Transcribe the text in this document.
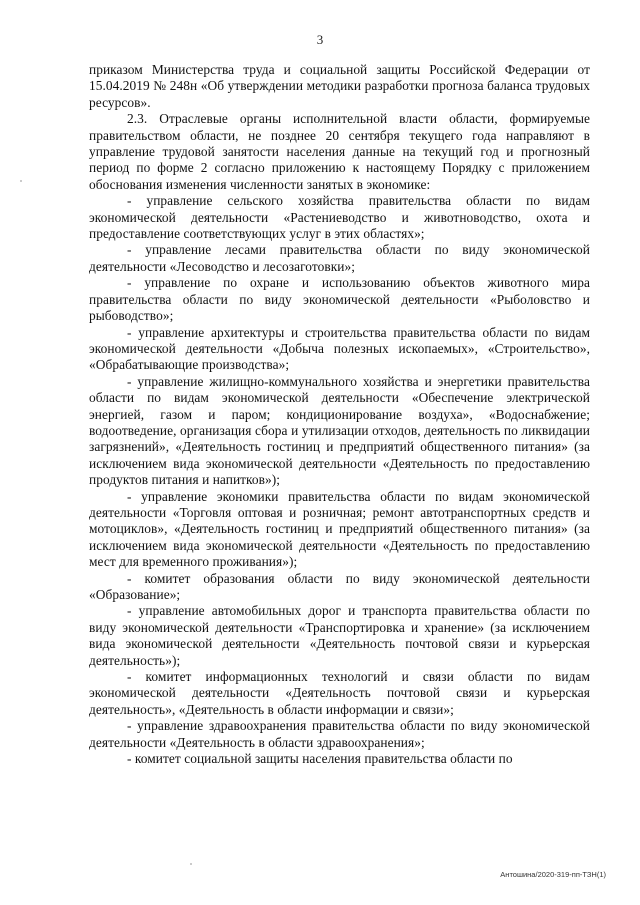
3

приказом Министерства труда и социальной защиты Российской Федерации от 15.04.2019 № 248н «Об утверждении методики разработки прогноза баланса трудовых ресурсов».

2.3. Отраслевые органы исполнительной власти области, формируемые правительством области, не позднее 20 сентября текущего года направляют в управление трудовой занятости населения данные на текущий год и прогнозный период по форме 2 согласно приложению к настоящему Порядку с приложением обоснования изменения численности занятых в экономике:

- управление сельского хозяйства правительства области по видам экономической деятельности «Растениеводство и животноводство, охота и предоставление соответствующих услуг в этих областях»;

- управление лесами правительства области по виду экономической деятельности «Лесоводство и лесозаготовки»;

- управление по охране и использованию объектов животного мира правительства области по виду экономической деятельности «Рыболовство и рыбоводство»;

- управление архитектуры и строительства правительства области по видам экономической деятельности «Добыча полезных ископаемых», «Строительство», «Обрабатывающие производства»;

- управление жилищно-коммунального хозяйства и энергетики правительства области по видам экономической деятельности «Обеспечение электрической энергией, газом и паром; кондиционирование воздуха», «Водоснабжение; водоотведение, организация сбора и утилизации отходов, деятельность по ликвидации загрязнений», «Деятельность гостиниц и предприятий общественного питания» (за исключением вида экономической деятельности «Деятельность по предоставлению продуктов питания и напитков»);

- управление экономики правительства области по видам экономической деятельности «Торговля оптовая и розничная; ремонт автотранспортных средств и мотоциклов», «Деятельность гостиниц и предприятий общественного питания» (за исключением вида экономической деятельности «Деятельность по предоставлению мест для временного проживания»);

- комитет образования области по виду экономической деятельности «Образование»;

- управление автомобильных дорог и транспорта правительства области по виду экономической деятельности «Транспортировка и хранение» (за исключением вида экономической деятельности «Деятельность почтовой связи и курьерская деятельность»);

- комитет информационных технологий и связи области по видам экономической деятельности «Деятельность почтовой связи и курьерская деятельность», «Деятельность в области информации и связи»;

- управление здравоохранения правительства области по виду экономической деятельности «Деятельность в области здравоохранения»;

- комитет социальной защиты населения правительства области по

Антошина/2020-319-пп-ТЗН(1)
